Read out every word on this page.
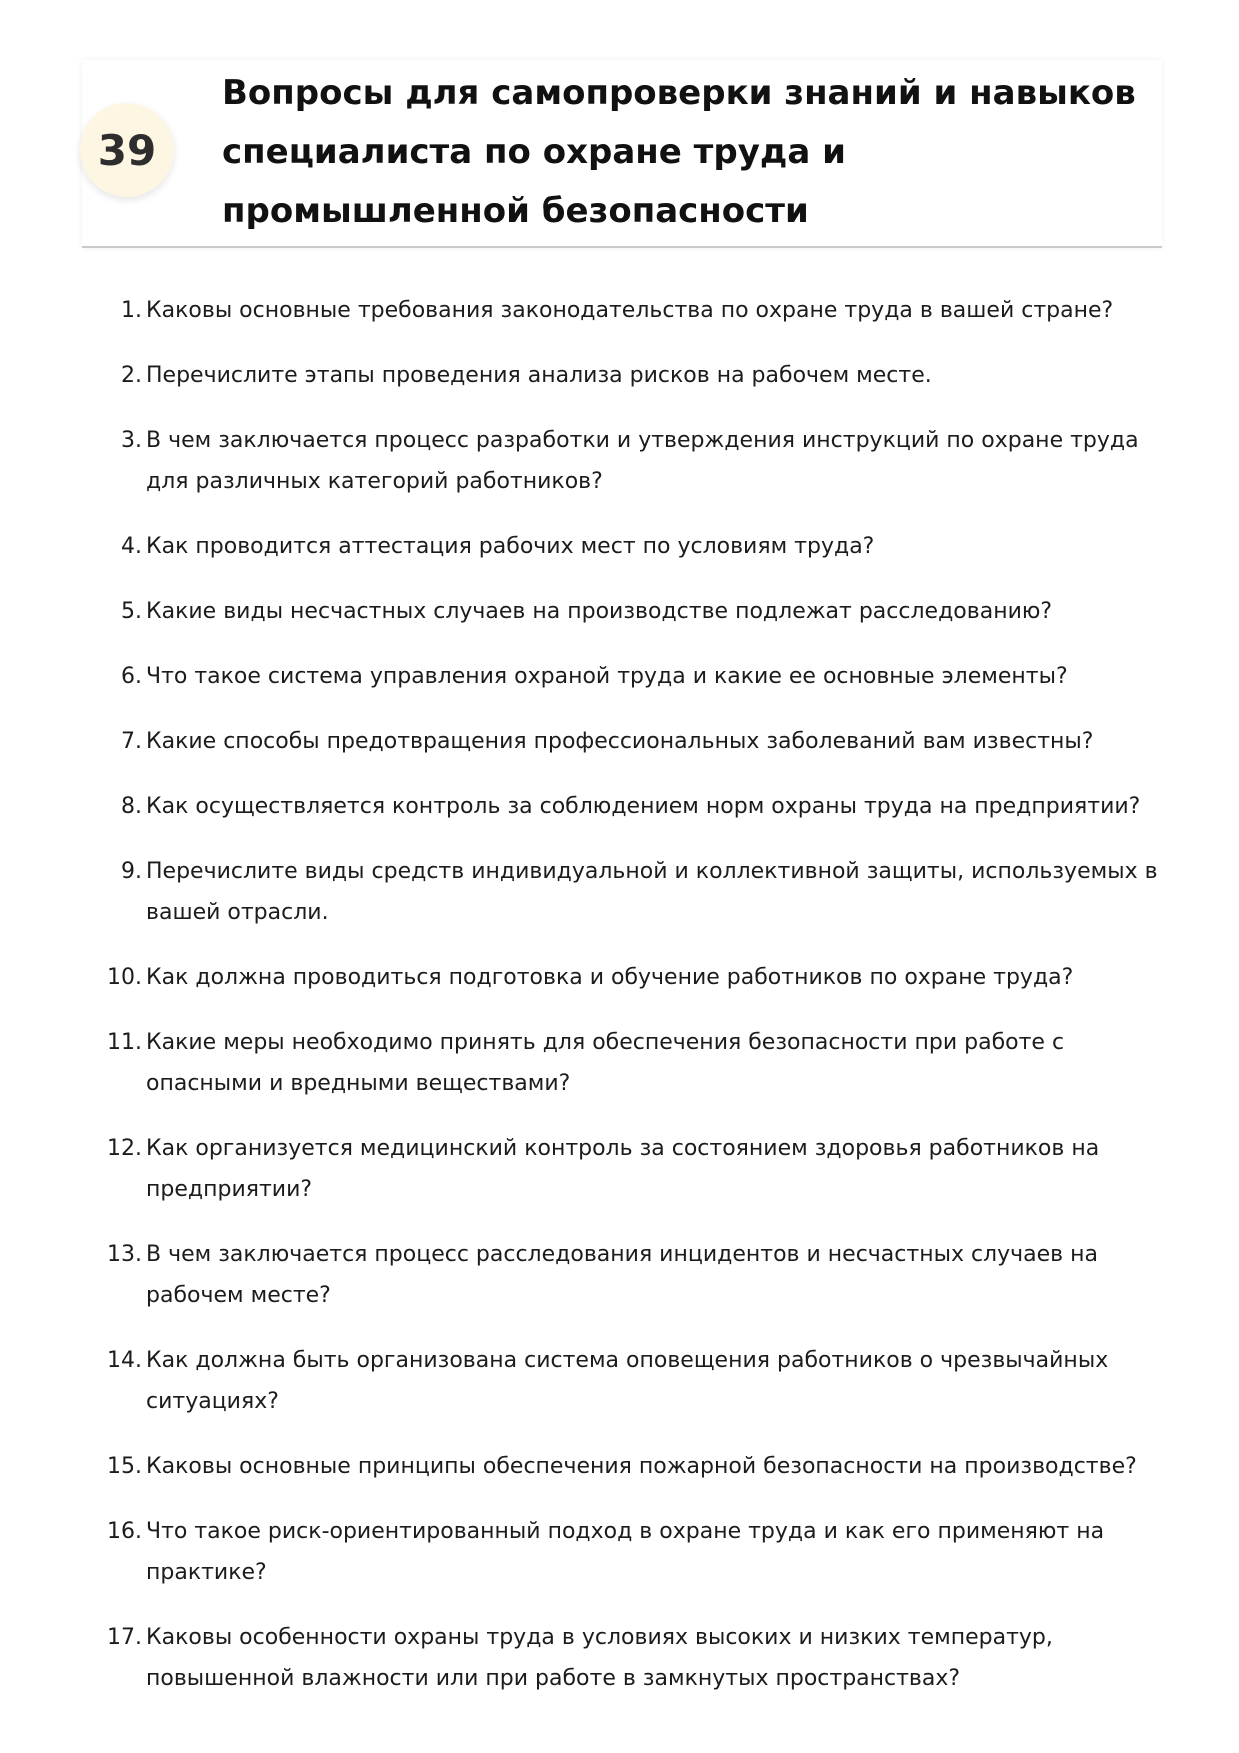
39
Вопросы для самопроверки знаний и навыков специалиста по охране труда и промышленной безопасности
1. Каковы основные требования законодательства по охране труда в вашей стране?
2. Перечислите этапы проведения анализа рисков на рабочем месте.
3. В чем заключается процесс разработки и утверждения инструкций по охране труда для различных категорий работников?
4. Как проводится аттестация рабочих мест по условиям труда?
5. Какие виды несчастных случаев на производстве подлежат расследованию?
6. Что такое система управления охраной труда и какие ее основные элементы?
7. Какие способы предотвращения профессиональных заболеваний вам известны?
8. Как осуществляется контроль за соблюдением норм охраны труда на предприятии?
9. Перечислите виды средств индивидуальной и коллективной защиты, используемых в вашей отрасли.
10. Как должна проводиться подготовка и обучение работников по охране труда?
11. Какие меры необходимо принять для обеспечения безопасности при работе с опасными и вредными веществами?
12. Как организуется медицинский контроль за состоянием здоровья работников на предприятии?
13. В чем заключается процесс расследования инцидентов и несчастных случаев на рабочем месте?
14. Как должна быть организована система оповещения работников о чрезвычайных ситуациях?
15. Каковы основные принципы обеспечения пожарной безопасности на производстве?
16. Что такое риск-ориентированный подход в охране труда и как его применяют на практике?
17. Каковы особенности охраны труда в условиях высоких и низких температур, повышенной влажности или при работе в замкнутых пространствах?
